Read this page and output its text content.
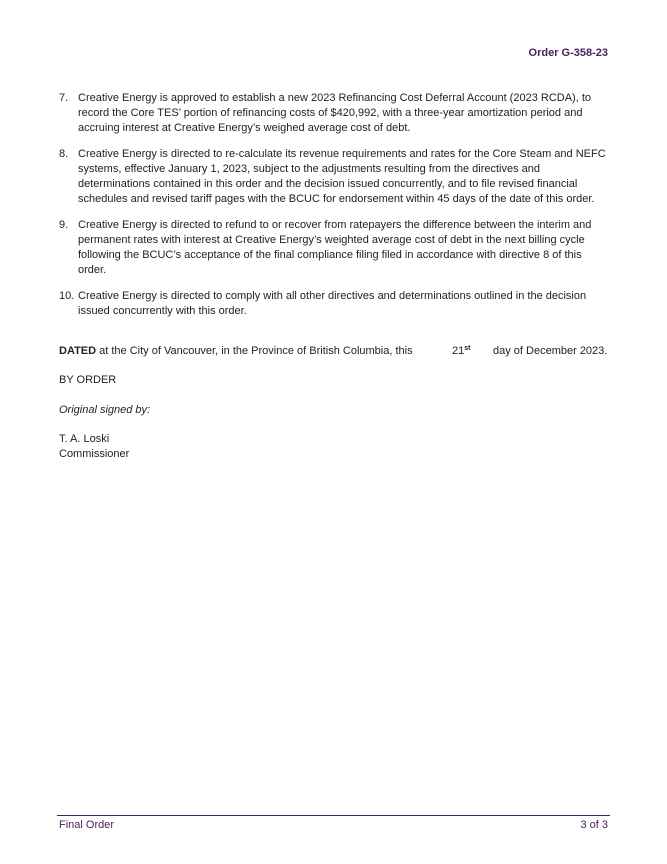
Order G-358-23
7. Creative Energy is approved to establish a new 2023 Refinancing Cost Deferral Account (2023 RCDA), to record the Core TES’ portion of refinancing costs of $420,992, with a three-year amortization period and accruing interest at Creative Energy’s weighed average cost of debt.
8. Creative Energy is directed to re-calculate its revenue requirements and rates for the Core Steam and NEFC systems, effective January 1, 2023, subject to the adjustments resulting from the directives and determinations contained in this order and the decision issued concurrently, and to file revised financial schedules and revised tariff pages with the BCUC for endorsement within 45 days of the date of this order.
9. Creative Energy is directed to refund to or recover from ratepayers the difference between the interim and permanent rates with interest at Creative Energy’s weighted average cost of debt in the next billing cycle following the BCUC’s acceptance of the final compliance filing filed in accordance with directive 8 of this order.
10. Creative Energy is directed to comply with all other directives and determinations outlined in the decision issued concurrently with this order.
DATED at the City of Vancouver, in the Province of British Columbia, this	21st day of December 2023.
BY ORDER
Original signed by:
T. A. Loski
Commissioner
Final Order	3 of 3
